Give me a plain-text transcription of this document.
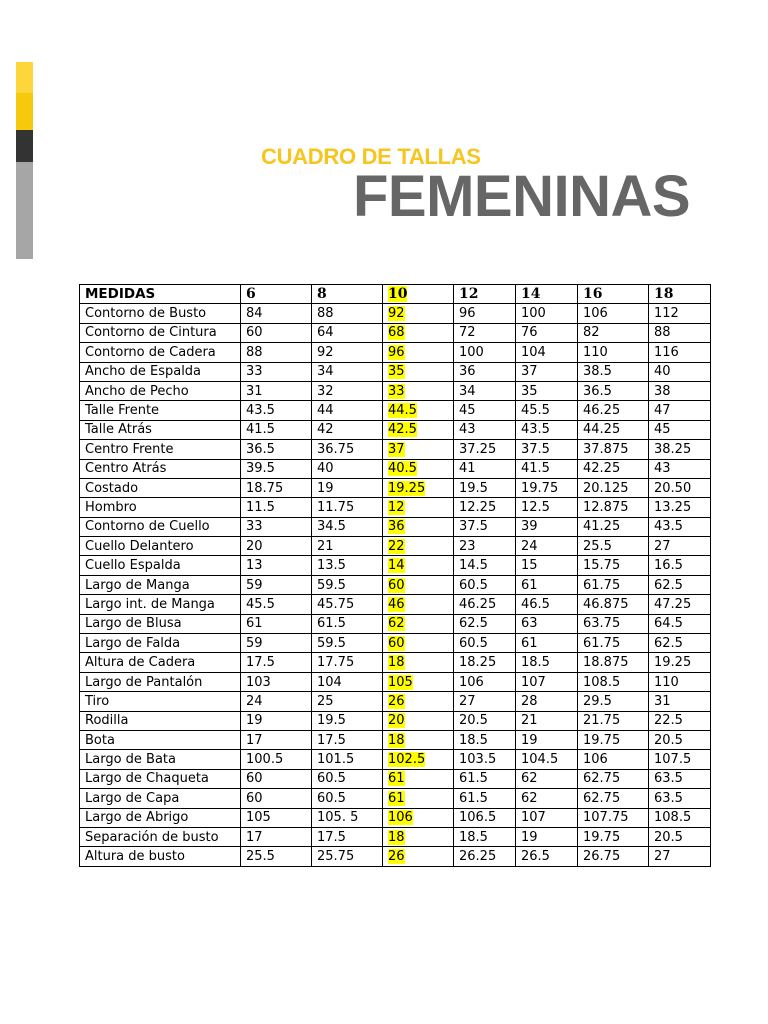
CUADRO DE TALLAS
FEMENINAS
MEDIDAS	6	8	10	12	14	16	18
Contorno de Busto	84	88	92	96	100	106	112
Contorno de Cintura	60	64	68	72	76	82	88
Contorno de Cadera	88	92	96	100	104	110	116
Ancho de Espalda	33	34	35	36	37	38.5	40
Ancho de Pecho	31	32	33	34	35	36.5	38
Talle Frente	43.5	44	44.5	45	45.5	46.25	47
Talle Atrás	41.5	42	42.5	43	43.5	44.25	45
Centro Frente	36.5	36.75	37	37.25	37.5	37.875	38.25
Centro Atrás	39.5	40	40.5	41	41.5	42.25	43
Costado	18.75	19	19.25	19.5	19.75	20.125	20.50
Hombro	11.5	11.75	12	12.25	12.5	12.875	13.25
Contorno de Cuello	33	34.5	36	37.5	39	41.25	43.5
Cuello Delantero	20	21	22	23	24	25.5	27
Cuello Espalda	13	13.5	14	14.5	15	15.75	16.5
Largo de Manga	59	59.5	60	60.5	61	61.75	62.5
Largo int. de Manga	45.5	45.75	46	46.25	46.5	46.875	47.25
Largo de Blusa	61	61.5	62	62.5	63	63.75	64.5
Largo de Falda	59	59.5	60	60.5	61	61.75	62.5
Altura de Cadera	17.5	17.75	18	18.25	18.5	18.875	19.25
Largo de Pantalón	103	104	105	106	107	108.5	110
Tiro	24	25	26	27	28	29.5	31
Rodilla	19	19.5	20	20.5	21	21.75	22.5
Bota	17	17.5	18	18.5	19	19.75	20.5
Largo de Bata	100.5	101.5	102.5	103.5	104.5	106	107.5
Largo de Chaqueta	60	60.5	61	61.5	62	62.75	63.5
Largo de Capa	60	60.5	61	61.5	62	62.75	63.5
Largo de Abrigo	105	105. 5	106	106.5	107	107.75	108.5
Separación de busto	17	17.5	18	18.5	19	19.75	20.5
Altura de busto	25.5	25.75	26	26.25	26.5	26.75	27
